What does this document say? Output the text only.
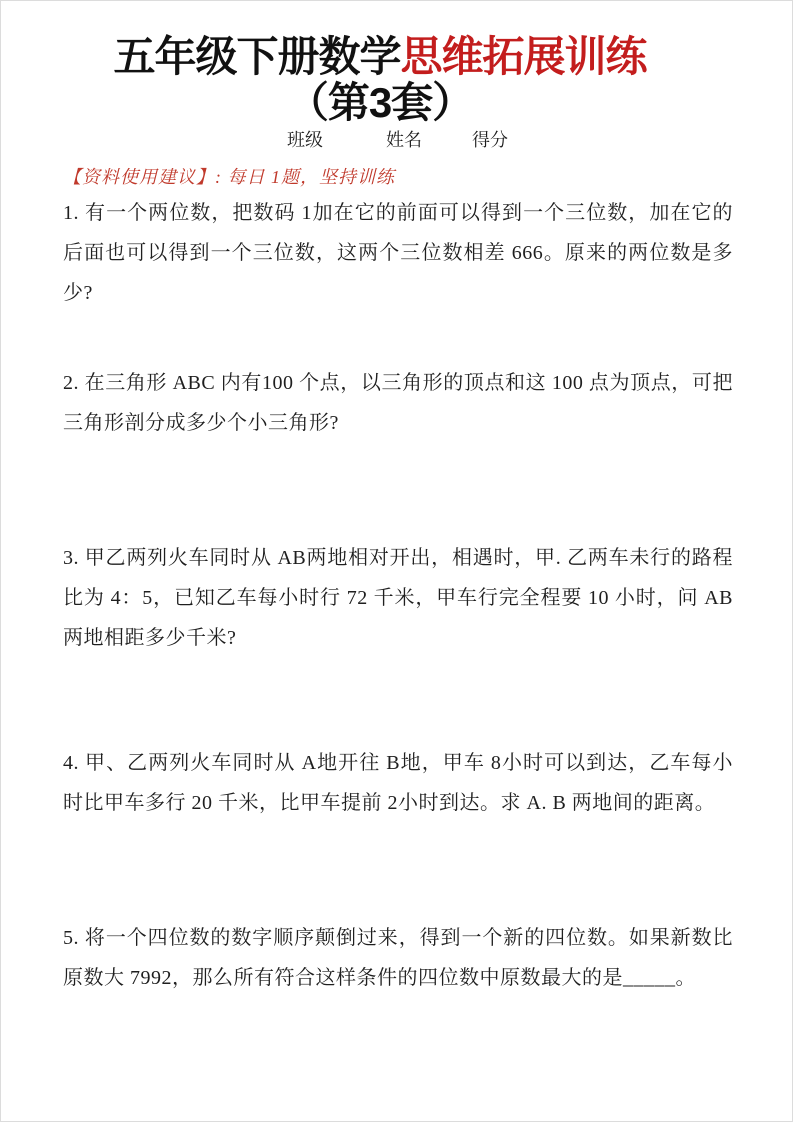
五年级下册数学思维拓展训练
（第3套）
班级	姓名	得分
【资料使用建议】: 每日 1题，坚持训练
1. 有一个两位数，把数码 1加在它的前面可以得到一个三位数，加在它的后面也可以得到一个三位数，这两个三位数相差 666。原来的两位数是多少?
2. 在三角形 ABC 内有100 个点，以三角形的顶点和这 100 点为顶点，可把三角形剖分成多少个小三角形?
3. 甲乙两列火车同时从 AB两地相对开出，相遇时，甲. 乙两车未行的路程比为 4：5，已知乙车每小时行 72 千米，甲车行完全程要 10 小时，问 AB两地相距多少千米?
4. 甲、乙两列火车同时从 A地开往 B地，甲车 8小时可以到达，乙车每小时比甲车多行 20 千米，比甲车提前 2小时到达。求 A. B 两地间的距离。
5. 将一个四位数的数字顺序颠倒过来，得到一个新的四位数。如果新数比原数大 7992，那么所有符合这样条件的四位数中原数最大的是_____。
